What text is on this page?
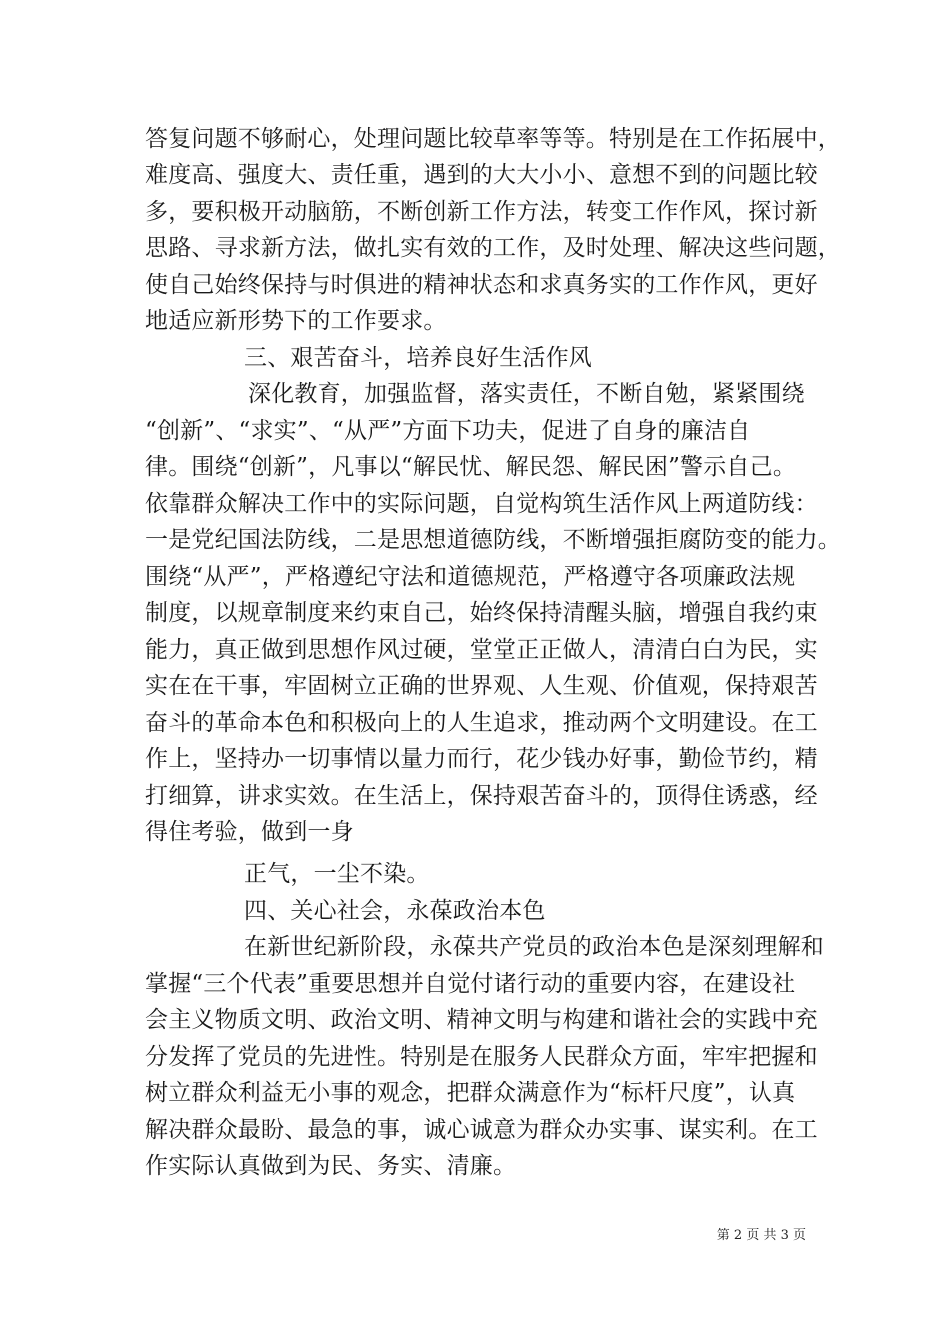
答复问题不够耐心，处理问题比较草率等等。特别是在工作拓展中，
难度高、强度大、责任重，遇到的大大小小、意想不到的问题比较
多，要积极开动脑筋，不断创新工作方法，转变工作作风，探讨新
思路、寻求新方法，做扎实有效的工作，及时处理、解决这些问题，
使自己始终保持与时俱进的精神状态和求真务实的工作作风，更好
地适应新形势下的工作要求。
三、艰苦奋斗，培养良好生活作风
深化教育，加强监督，落实责任，不断自勉，紧紧围绕
“创新”、“求实”、“从严”方面下功夫，促进了自身的廉洁自
律。围绕“创新”，凡事以“解民忧、解民怨、解民困”警示自己。
依靠群众解决工作中的实际问题，自觉构筑生活作风上两道防线：
一是党纪国法防线，二是思想道德防线，不断增强拒腐防变的能力。
围绕“从严”，严格遵纪守法和道德规范，严格遵守各项廉政法规
制度，以规章制度来约束自己，始终保持清醒头脑，增强自我约束
能力，真正做到思想作风过硬，堂堂正正做人，清清白白为民，实
实在在干事，牢固树立正确的世界观、人生观、价值观，保持艰苦
奋斗的革命本色和积极向上的人生追求，推动两个文明建设。在工
作上，坚持办一切事情以量力而行，花少钱办好事，勤俭节约，精
打细算，讲求实效。在生活上，保持艰苦奋斗的，顶得住诱惑，经
得住考验，做到一身
正气，一尘不染。
四、关心社会，永葆政治本色
在新世纪新阶段，永葆共产党员的政治本色是深刻理解和
掌握“三个代表”重要思想并自觉付诸行动的重要内容，在建设社
会主义物质文明、政治文明、精神文明与构建和谐社会的实践中充
分发挥了党员的先进性。特别是在服务人民群众方面，牢牢把握和
树立群众利益无小事的观念，把群众满意作为“标杆尺度”，认真
解决群众最盼、最急的事，诚心诚意为群众办实事、谋实利。在工
作实际认真做到为民、务实、清廉。
第 2 页 共 3 页
